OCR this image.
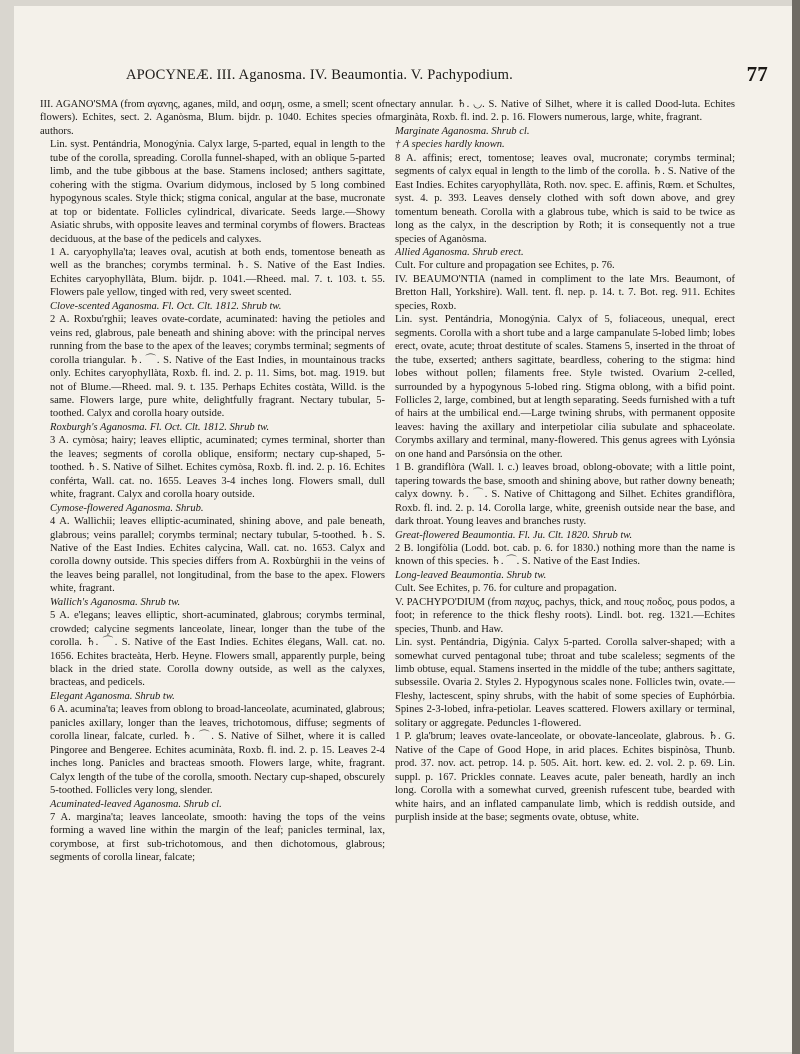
APOCYNEÆ. III. Aganosma. IV. Beaumontia. V. Pachypodium.	77

III. AGANO'SMA (from αγανης, aganes, mild, and οσμη, osme, a smell; scent of flowers). Echites, sect. 2. Aganòsma, Blum. bijdr. p. 1040. Echites species of authors.

Lin. syst. Pentándria, Monogýnia. Calyx large, 5-parted, equal in length to the tube of the corolla, spreading. Corolla funnel-shaped, with an oblique 5-parted limb, and the tube gibbous at the base. Stamens inclosed; anthers sagittate, cohering with the stigma. Ovarium didymous, inclosed by 5 long combined hypogynous scales. Style thick; stigma conical, angular at the base, mucronate at top or bidentate. Follicles cylindrical, divaricate. Seeds large.—Showy Asiatic shrubs, with opposite leaves and terminal corymbs of flowers. Bracteas deciduous, at the base of the pedicels and calyxes.

1 A. caryophylla'ta; leaves oval, acutish at both ends, tomentose beneath as well as the branches; corymbs terminal. ♄. S. Native of the East Indies. Echites caryophyllàta, Blum. bijdr. p. 1041.—Rheed. mal. 7. t. 103. t. 55. Flowers pale yellow, tinged with red, very sweet scented.

Clove-scented Aganosma. Fl. Oct. Clt. 1812. Shrub tw.

2 A. Roxbu'rghii; leaves ovate-cordate, acuminated: having the petioles and veins red, glabrous, pale beneath and shining above: with the principal nerves running from the base to the apex of the leaves; corymbs terminal; segments of corolla triangular. ♄. ⌒. S. Native of the East Indies, in mountainous tracks only. Echites caryophyllàta, Roxb. fl. ind. 2. p. 11. Sims, bot. mag. 1919. but not of Blume.—Rheed. mal. 9. t. 135. Perhaps Echites costàta, Willd. is the same. Flowers large, pure white, delightfully fragrant. Nectary tubular, 5-toothed. Calyx and corolla hoary outside.

Roxburgh's Aganosma. Fl. Oct. Clt. 1812. Shrub tw.

3 A. cymòsa; hairy; leaves elliptic, acuminated; cymes terminal, shorter than the leaves; segments of corolla oblique, ensiform; nectary cup-shaped, 5-toothed. ♄. S. Native of Silhet. Echites cymòsa, Roxb. fl. ind. 2. p. 16. Echites conférta, Wall. cat. no. 1655. Leaves 3-4 inches long. Flowers small, dull white, fragrant. Calyx and corolla hoary outside.

Cymose-flowered Aganosma. Shrub.

4 A. Wallìchii; leaves elliptic-acuminated, shining above, and pale beneath, glabrous; veins parallel; corymbs terminal; nectary tubular, 5-toothed. ♄. S. Native of the East Indies. Echites calycina, Wall. cat. no. 1653. Calyx and corolla downy outside. This species differs from A. Roxbùrghii in the veins of the leaves being parallel, not longitudinal, from the base to the apex. Flowers white, fragrant.

Wallich's Aganosma. Shrub tw.

5 A. e'legans; leaves elliptic, short-acuminated, glabrous; corymbs terminal, crowded; calycine segments lanceolate, linear, longer than the tube of the corolla. ♄. ⌒. S. Native of the East Indies. Echites élegans, Wall. cat. no. 1656. Echites bracteàta, Herb. Heyne. Flowers small, apparently purple, being black in the dried state. Corolla downy outside, as well as the calyxes, bracteas, and pedicels.

Elegant Aganosma. Shrub tw.

6 A. acumina'ta; leaves from oblong to broad-lanceolate, acuminated, glabrous; panicles axillary, longer than the leaves, trichotomous, diffuse; segments of corolla linear, falcate, curled. ♄. ⌒. S. Native of Silhet, where it is called Pingoree and Bengeree. Echites acuminàta, Roxb. fl. ind. 2. p. 15. Leaves 2-4 inches long. Panicles and bracteas smooth. Flowers large, white, fragrant. Calyx length of the tube of the corolla, smooth. Nectary cup-shaped, obscurely 5-toothed. Follicles very long, slender.

Acuminated-leaved Aganosma. Shrub cl.

7 A. margina'ta; leaves lanceolate, smooth: having the tops of the veins forming a waved line within the margin of the leaf; panicles terminal, lax, corymbose, at first sub-trichotomous, and then dichotomous, glabrous; segments of corolla linear, falcate;

nectary annular. ♄. ◡. S. Native of Silhet, where it is called Dood-luta. Echites marginàta, Roxb. fl. ind. 2. p. 16. Flowers numerous, large, white, fragrant.

Marginate Aganosma. Shrub cl.

† A species hardly known.

8 A. affìnis; erect, tomentose; leaves oval, mucronate; corymbs terminal; segments of calyx equal in length to the limb of the corolla. ♄. S. Native of the East Indies. Echites caryophyllàta, Roth. nov. spec. E. affìnis, Rœm. et Schultes, syst. 4. p. 393. Leaves densely clothed with soft down above, and grey tomentum beneath. Corolla with a glabrous tube, which is said to be twice as long as the calyx, in the description by Roth; it is consequently not a true species of Aganòsma.

Allied Aganosma. Shrub erect.

Cult. For culture and propagation see Echìtes, p. 76.

IV. BEAUMO'NTIA (named in compliment to the late Mrs. Beaumont, of Bretton Hall, Yorkshire). Wall. tent. fl. nep. p. 14. t. 7. Bot. reg. 911. Echites species, Roxb.

Lin. syst. Pentándria, Monogýnia. Calyx of 5, foliaceous, unequal, erect segments. Corolla with a short tube and a large campanulate 5-lobed limb; lobes erect, ovate, acute; throat destitute of scales. Stamens 5, inserted in the throat of the tube, exserted; anthers sagittate, beardless, cohering to the stigma: hind lobes without pollen; filaments free. Style twisted. Ovarium 2-celled, surrounded by a hypogynous 5-lobed ring. Stigma oblong, with a bifid point. Follicles 2, large, combined, but at length separating. Seeds furnished with a tuft of hairs at the umbilical end.—Large twining shrubs, with permanent opposite leaves: having the axillary and interpetiolar cilia subulate and sphaceolate. Corymbs axillary and terminal, many-flowered. This genus agrees with Lyónsia on one hand and Parsónsia on the other.

1 B. grandiflòra (Wall. l. c.) leaves broad, oblong-obovate; with a little point, tapering towards the base, smooth and shining above, but rather downy beneath; calyx downy. ♄. ⌒. S. Native of Chittagong and Silhet. Echites grandiflòra, Roxb. fl. ind. 2. p. 14. Corolla large, white, greenish outside near the base, and dark throat. Young leaves and branches rusty.

Great-flowered Beaumontia. Fl. Ju. Clt. 1820. Shrub tw.

2 B. longifòlia (Lodd. bot. cab. p. 6. for 1830.) nothing more than the name is known of this species. ♄. ⌒. S. Native of the East Indies.

Long-leaved Beaumontia. Shrub tw.

Cult. See Echìtes, p. 76. for culture and propagation.

V. PACHYPO'DIUM (from παχυς, pachys, thick, and πους ποδος, pous podos, a foot; in reference to the thick fleshy roots). Lindl. bot. reg. 1321.—Echites species, Thunb. and Haw.

Lin. syst. Pentándria, Digýnia. Calyx 5-parted. Corolla salver-shaped; with a somewhat curved pentagonal tube; throat and tube scaleless; segments of the limb obtuse, equal. Stamens inserted in the middle of the tube; anthers sagittate, subsessile. Ovaria 2. Styles 2. Hypogynous scales none. Follicles twin, ovate.—Fleshy, lactescent, spiny shrubs, with the habit of some species of Euphórbia. Spines 2-3-lobed, infra-petiolar. Leaves scattered. Flowers axillary or terminal, solitary or aggregate. Peduncles 1-flowered.

1 P. gla'brum; leaves ovate-lanceolate, or obovate-lanceolate, glabrous. ♄. G. Native of the Cape of Good Hope, in arid places. Echites bispinòsa, Thunb. prod. 37. nov. act. petrop. 14. p. 505. Ait. hort. kew. ed. 2. vol. 2. p. 69. Lin. suppl. p. 167. Prickles connate. Leaves acute, paler beneath, hardly an inch long. Corolla with a somewhat curved, greenish rufescent tube, bearded with white hairs, and an inflated campanulate limb, which is reddish outside, and purplish inside at the base; segments ovate, obtuse, white.
